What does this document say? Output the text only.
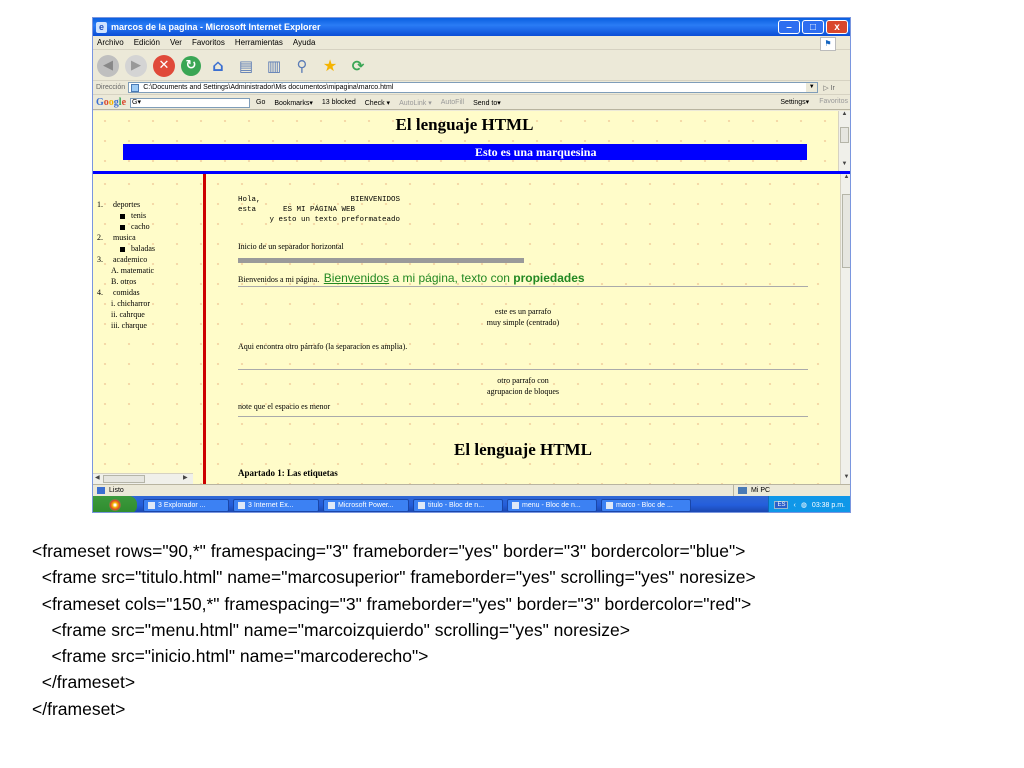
e marcos de la pagina - Microsoft Internet Explorer	–	□	x
Archivo Edición Ver Favoritos Herramientas Ayuda	⚑
◀	▶	✕	↻ ⌂	▤ ▥	⚲ ★ ⟳
Dirección	C:\Documents and Settings\Administrador\Mis documentos\mipagina\marco.html	▼	▷ Ir
Google G▾	Go Bookmarks▾ 13 blocked Check ▾ AutoLink ▾ AutoFill Send to▾	Settings▾ Favoritos
El lenguaje HTML
Esto es una marquesina
▲
▼
1. deportes
tenis
cacho
2. musica
baladas
3. academico
A. matematic
B. otros
4. comidas
i. chicharror
ii. cahrque
iii. charque
◀	▶
Hola,                    BIENVENIDOS
esta      ES MI PÁGINA WEB
y esto un texto preformateado
Inicio de un separador horizontal
Bienvenidos a mi página. Bienvenidos a mi página, texto con propiedades
este es un parrafo
muy simple (centrado)
Aqui encontra otro párrafo (la separacion es amplia).
otro parrafo con
agrupacion de bloques
note que el espacio es menor
El lenguaje HTML
Apartado 1: Las etiquetas
▲
▼
Listo	Mi PC
3 Explorador ...	3 Internet Ex...	Microsoft Power...	titulo - Bloc de n...	menu - Bloc de n...	marco - Bloc de ...	ES	‹ ◍ 03:38 p.m.
<frameset rows="90,*" framespacing="3" frameborder="yes" border="3" bordercolor="blue">
<frame src="titulo.html" name="marcosuperior" frameborder="yes" scrolling="yes" noresize>
<frameset cols="150,*" framespacing="3" frameborder="yes" border="3" bordercolor="red">
<frame src="menu.html" name="marcoizquierdo" scrolling="yes" noresize>
<frame src="inicio.html" name="marcoderecho">
</frameset>
</frameset>
